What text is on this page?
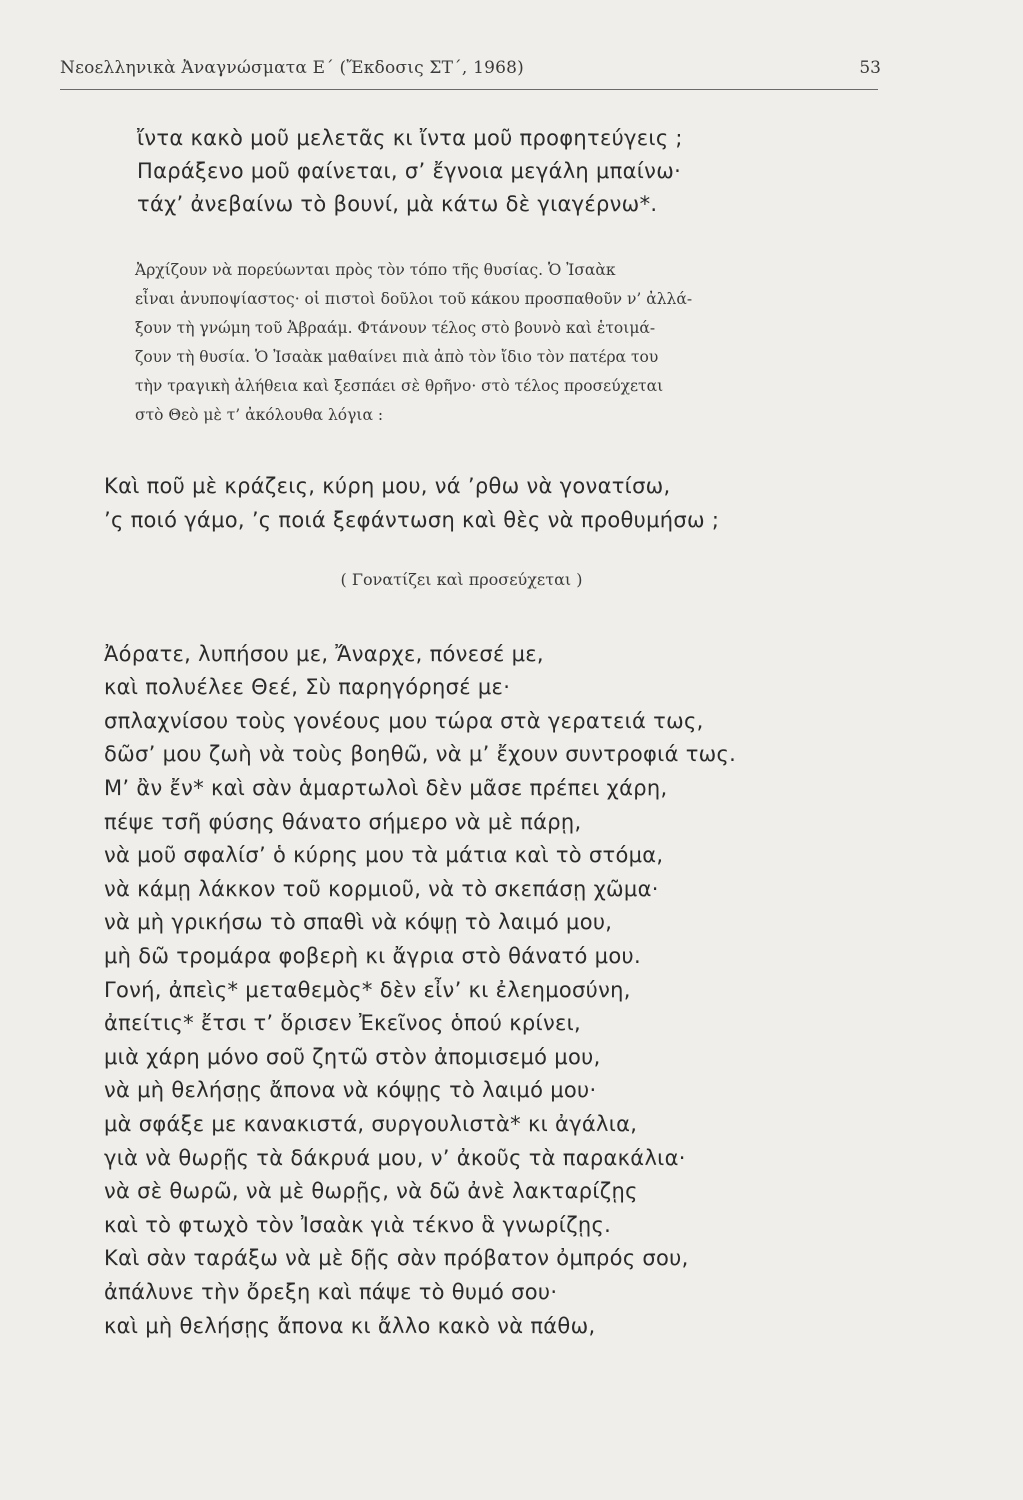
Νεοελληνικὰ Ἀναγνώσματα Ε΄ (Ἔκδοσις ΣΤ΄, 1968)	53
ἴντα κακὸ μοῦ μελετᾶς κι ἴντα μοῦ προφητεύγεις ;
Παράξενο μοῦ φαίνεται, σ’ ἔγνοια μεγάλη μπαίνω·
τάχ’ ἀνεβαίνω τὸ βουνί, μὰ κάτω δὲ γιαγέρνω*.
Ἀρχίζουν νὰ πορεύωνται πρὸς τὸν τόπο τῆς θυσίας. Ὁ Ἰσαὰκ
εἶναι ἀνυποψίαστος· οἱ πιστοὶ δοῦλοι τοῦ κάκου προσπαθοῦν ν’ ἀλλά-
ξουν τὴ γνώμη τοῦ Ἀβραάμ. Φτάνουν τέλος στὸ βουνὸ καὶ ἑτοιμά-
ζουν τὴ θυσία. Ὁ Ἰσαὰκ μαθαίνει πιὰ ἀπὸ τὸν ἴδιο τὸν πατέρα του
τὴν τραγικὴ ἀλήθεια καὶ ξεσπάει σὲ θρῆνο· στὸ τέλος προσεύχεται
στὸ Θεὸ μὲ τ’ ἀκόλουθα λόγια :
Καὶ ποῦ μὲ κράζεις, κύρη μου, νά ’ρθω νὰ γονατίσω,
’ς ποιό γάμο, ’ς ποιά ξεφάντωση καὶ θὲς νὰ προθυμήσω ;
( Γονατίζει καὶ προσεύχεται )
Ἀόρατε, λυπήσου με, Ἄναρχε, πόνεσέ με,
καὶ πολυέλεε Θεέ, Σὺ παρηγόρησέ με·
σπλαχνίσου τοὺς γονέους μου τώρα στὰ γερατειά τως,
δῶσ’ μου ζωὴ νὰ τοὺς βοηθῶ, νὰ μ’ ἔχουν συντροφιά τως.
Μ’ ἂν ἔν* καὶ σὰν ἁμαρτωλοὶ δὲν μᾶσε πρέπει χάρη,
πέψε τσῆ φύσης θάνατο σήμερο νὰ μὲ πάρῃ,
νὰ μοῦ σφαλίσ’ ὁ κύρης μου τὰ μάτια καὶ τὸ στόμα,
νὰ κάμῃ λάκκον τοῦ κορμιοῦ, νὰ τὸ σκεπάσῃ χῶμα·
νὰ μὴ γρικήσω τὸ σπαθὶ νὰ κόψῃ τὸ λαιμό μου,
μὴ δῶ τρομάρα φοβερὴ κι ἄγρια στὸ θάνατό μου.
Γονή, ἀπεὶς* μεταθεμὸς* δὲν εἶν’ κι ἐλεημοσύνη,
ἀπείτις* ἔτσι τ’ ὅρισεν Ἐκεῖνος ὁπού κρίνει,
μιὰ χάρη μόνο σοῦ ζητῶ στὸν ἀπομισεμό μου,
νὰ μὴ θελήσῃς ἄπονα νὰ κόψῃς τὸ λαιμό μου·
μὰ σφάξε με κανακιστά, συργουλιστὰ* κι ἀγάλια,
γιὰ νὰ θωρῇς τὰ δάκρυά μου, ν’ ἀκοῦς τὰ παρακάλια·
νὰ σὲ θωρῶ, νὰ μὲ θωρῇς, νὰ δῶ ἀνὲ λακταρίζῃς
καὶ τὸ φτωχὸ τὸν Ἰσαὰκ γιὰ τέκνο ἃ γνωρίζῃς.
Καὶ σὰν ταράξω νὰ μὲ δῇς σὰν πρόβατον ὀμπρός σου,
ἀπάλυνε τὴν ὄρεξη καὶ πάψε τὸ θυμό σου·
καὶ μὴ θελήσῃς ἄπονα κι ἄλλο κακὸ νὰ πάθω,
